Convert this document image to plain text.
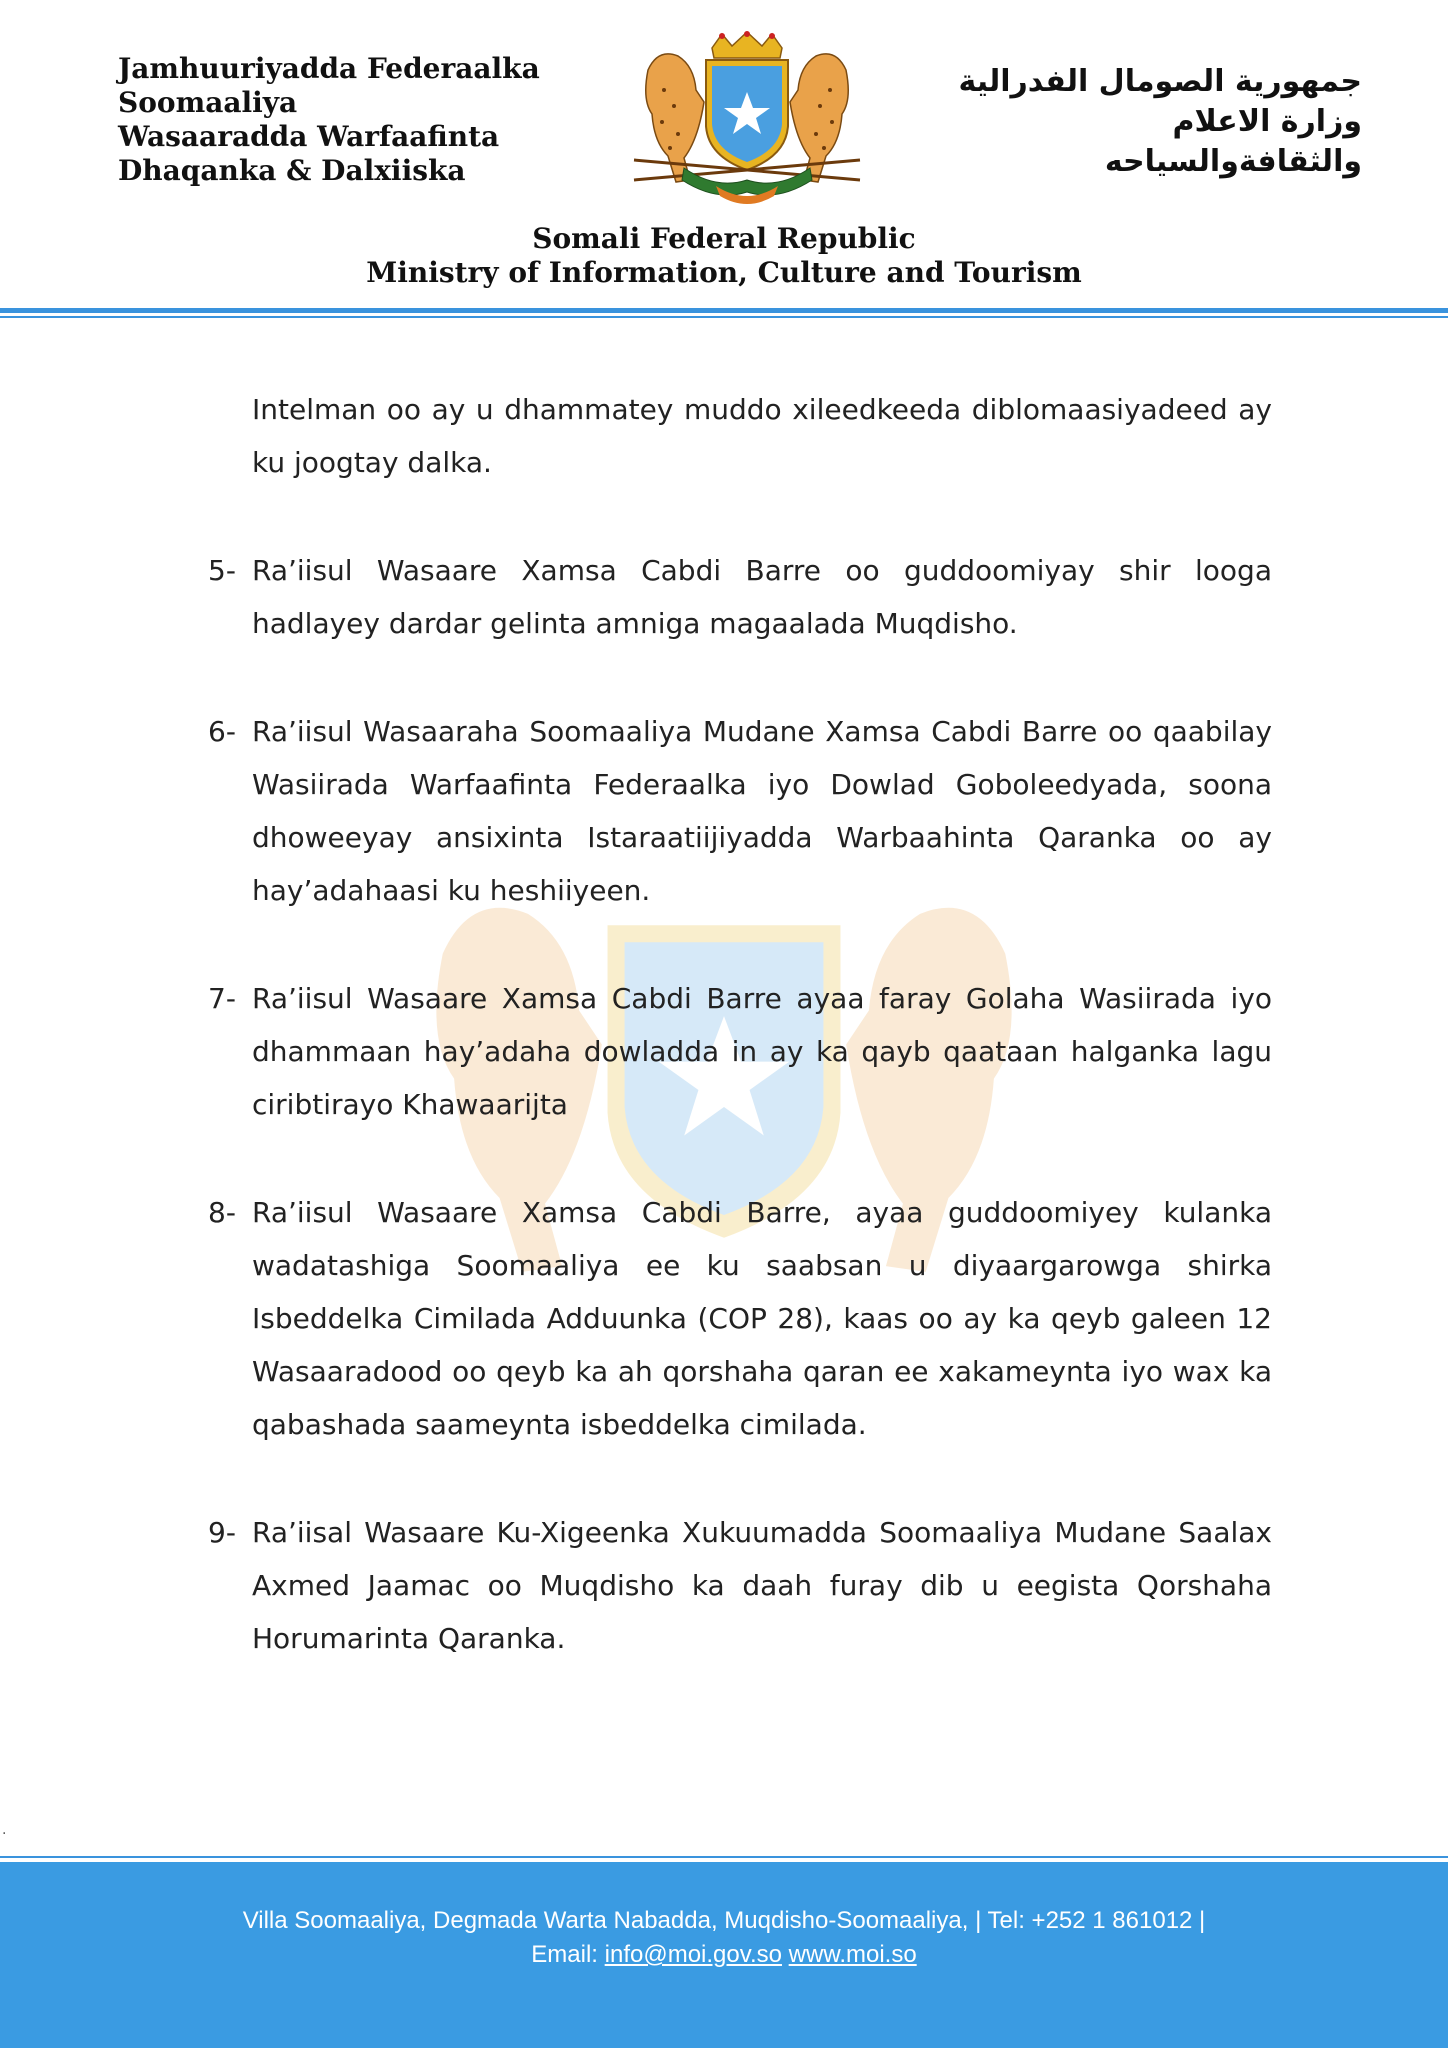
Jamhuuriyadda Federaalka
Soomaaliya
Wasaaradda Warfaafinta
Dhaqanka & Dalxiiska
جمهورية الصومال الفدرالية
وزارة الاعلام
والثقافةوالسياحه
Somali Federal Republic
Ministry of Information, Culture and Tourism
Intelman oo ay u dhammatey muddo xileedkeeda diblomaasiyadeed ay ku joogtay dalka.
5- Ra’iisul Wasaare Xamsa Cabdi Barre oo guddoomiyay shir looga hadlayey dardar gelinta amniga magaalada Muqdisho.
6- Ra’iisul Wasaaraha Soomaaliya Mudane Xamsa Cabdi Barre oo qaabilay Wasiirada Warfaafinta Federaalka iyo Dowlad Goboleedyada, soona dhoweeyay ansixinta Istaraatiijiyadda Warbaahinta Qaranka oo ay hay’adahaasi ku heshiiyeen.
7- Ra’iisul Wasaare Xamsa Cabdi Barre ayaa faray Golaha Wasiirada iyo dhammaan hay’adaha dowladda in ay ka qayb qaataan halganka lagu ciribtirayo Khawaarijta
8- Ra’iisul Wasaare Xamsa Cabdi Barre, ayaa guddoomiyey kulanka wadatashiga Soomaaliya ee ku saabsan u diyaargarowga shirka Isbeddelka Cimilada Adduunka (COP 28), kaas oo ay ka qeyb galeen 12 Wasaaradood oo qeyb ka ah qorshaha qaran ee xakameynta iyo wax ka qabashada saameynta isbeddelka cimilada.
9- Ra’iisal Wasaare Ku-Xigeenka Xukuumadda Soomaaliya Mudane Saalax Axmed Jaamac oo Muqdisho ka daah furay dib u eegista Qorshaha Horumarinta Qaranka.
.
Villa Soomaaliya, Degmada Warta Nabadda, Muqdisho-Soomaaliya, | Tel: +252 1 861012 |
Email: info@moi.gov.so www.moi.so
